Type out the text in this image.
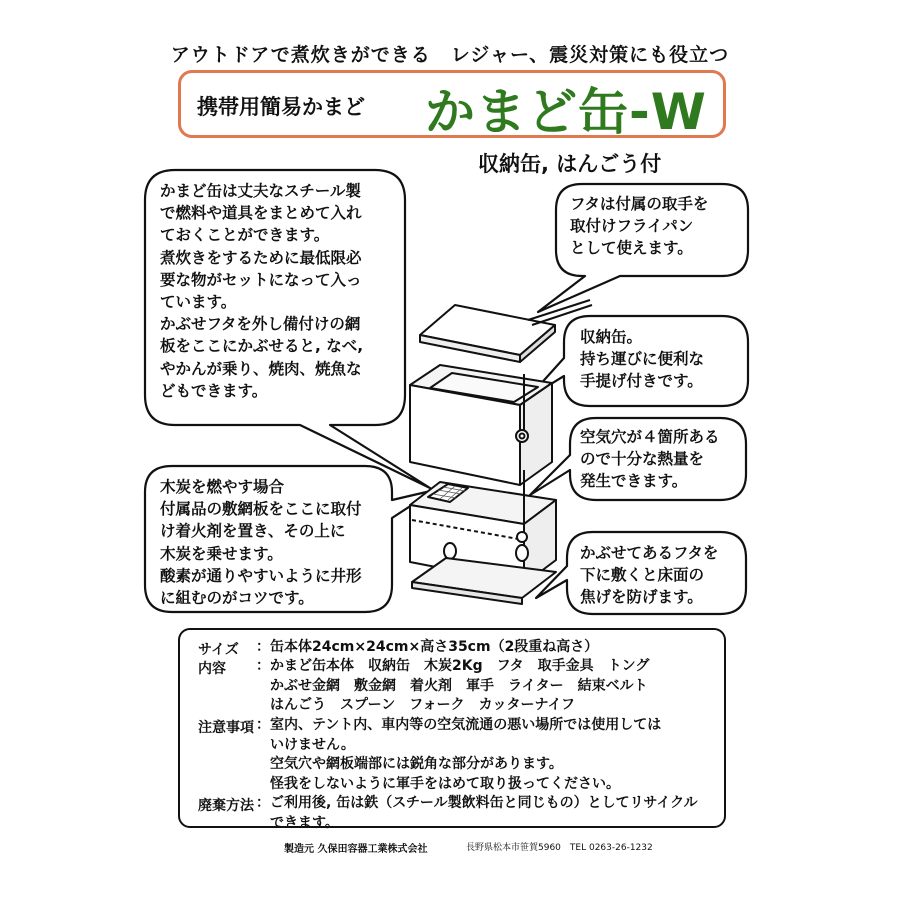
アウトドアで煮炊きができる　レジャー、震災対策にも役立つ
携帯用簡易かまど かまど缶-W
収納缶, はんごう付
かまど缶は丈夫なスチール製
で燃料や道具をまとめて入れ
ておくことができます。
煮炊きをするために最低限必
要な物がセットになって入っ
ています。
かぶせフタを外し備付けの網
板をここにかぶせると, なべ,
やかんが乗り、焼肉、焼魚な
どもできます。
フタは付属の取手を
取付けフライパン
として使えます。
収納缶。
持ち運びに便利な
手提げ付きです。
空気穴が４箇所ある
ので十分な熱量を
発生できます。
木炭を燃やす場合
付属品の敷網板をここに取付
け着火剤を置き、その上に
木炭を乗せます。
酸素が通りやすいように井形
に組むのがコツです。
かぶせてあるフタを
下に敷くと床面の
焦げを防げます。
サイズ ：缶本体24cm×24cm×高さ35cm（2段重ね高さ）
内容 ：かまど缶本体　収納缶　木炭2Kg　フタ　取手金具　トング
　かぶせ金網　敷金網　着火剤　軍手　ライター　結束ベルト
　はんごう　スプーン　フォーク　カッターナイフ
注意事項 ：室内、テント内、車内等の空気流通の悪い場所では使用しては
　いけません。
　空気穴や網板端部には鋭角な部分があります。
　怪我をしないように軍手をはめて取り扱ってください。
廃棄方法 ：ご利用後, 缶は鉄（スチール製飲料缶と同じもの）としてリサイクル
　できます。
製造元 久保田容器工業株式会社	長野県松本市笹賀5960　TEL 0263-26-1232
